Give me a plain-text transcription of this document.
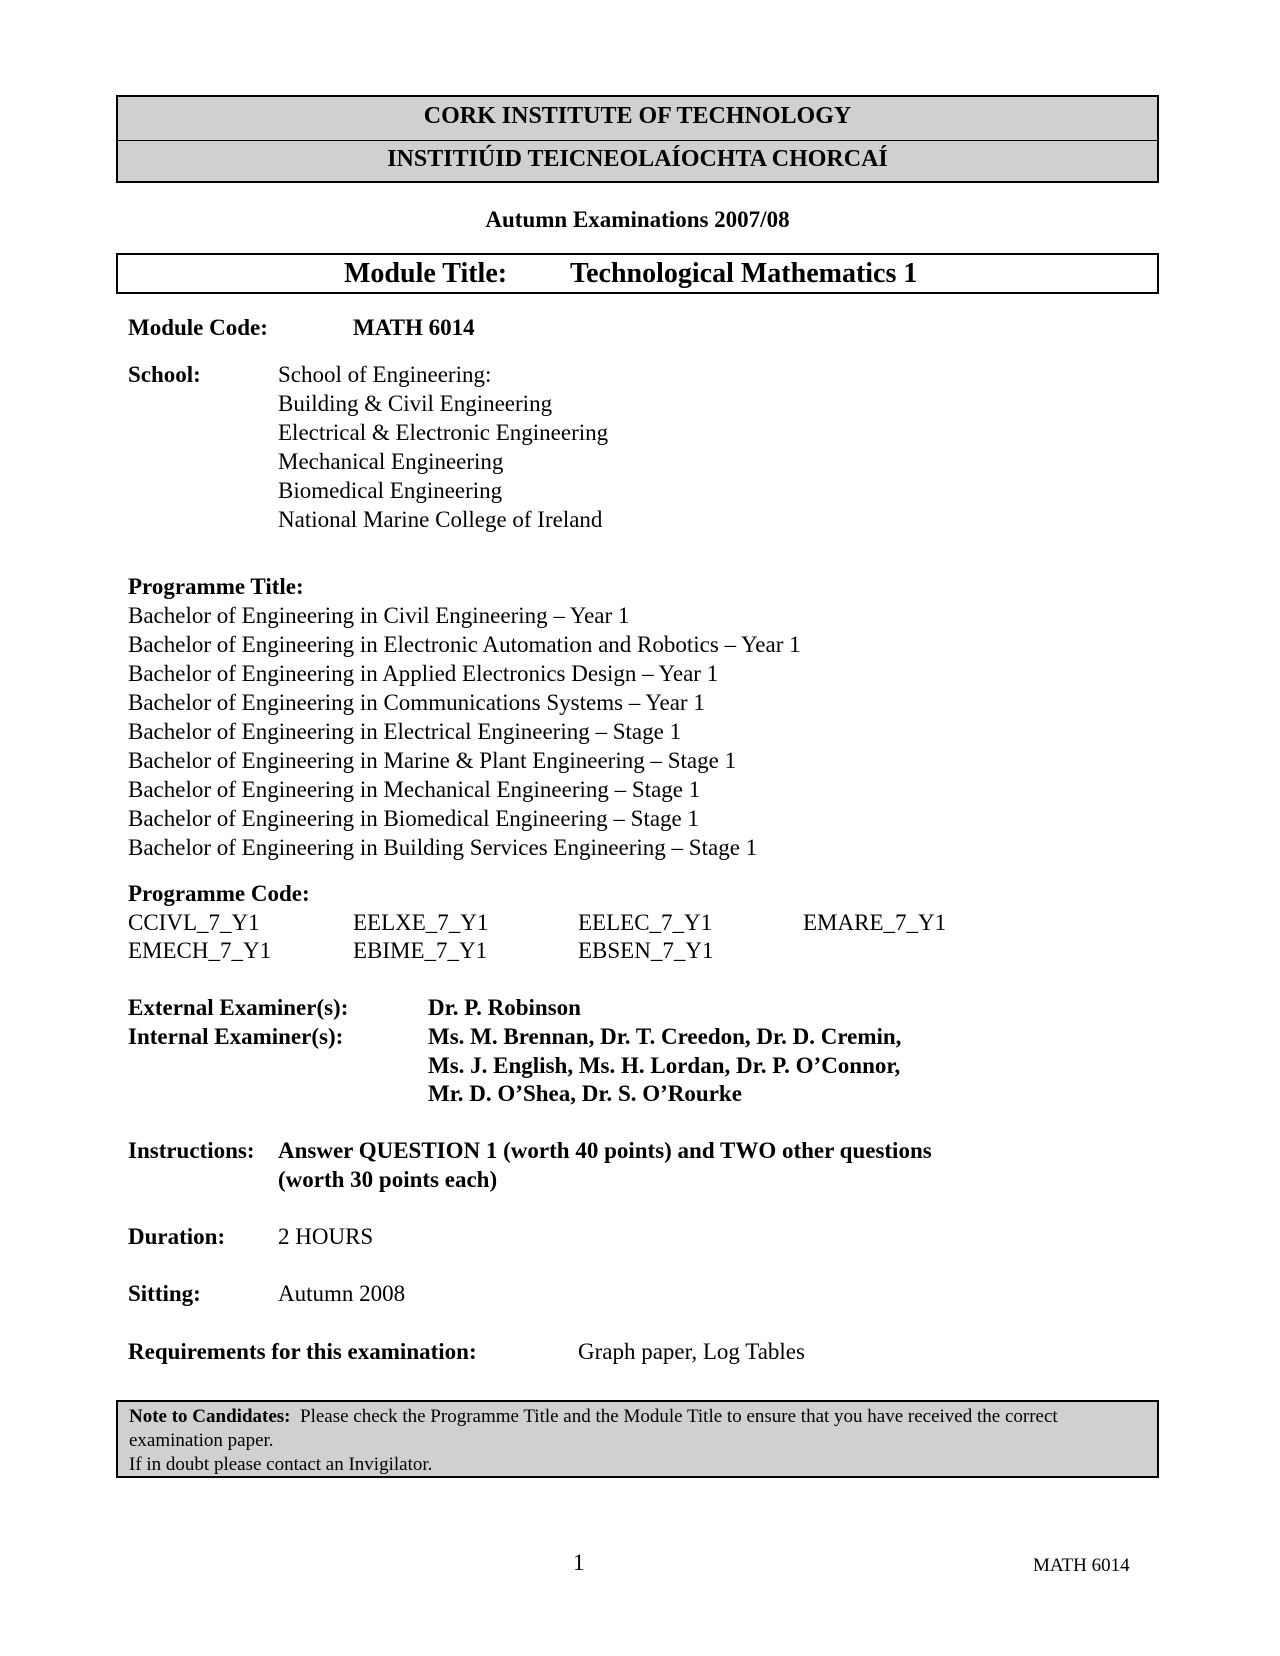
CORK INSTITUTE OF TECHNOLOGY
INSTITIÚID TEICNEOLAÍOCHTA CHORCAÍ
Autumn Examinations 2007/08
Module Title: Technological Mathematics 1
Module Code:	MATH 6014
School:	School of Engineering:
Building & Civil Engineering
Electrical & Electronic Engineering
Mechanical Engineering
Biomedical Engineering
National Marine College of Ireland
Programme Title:
Bachelor of Engineering in Civil Engineering – Year 1
Bachelor of Engineering in Electronic Automation and Robotics – Year 1
Bachelor of Engineering in Applied Electronics Design – Year 1
Bachelor of Engineering in Communications Systems – Year 1
Bachelor of Engineering in Electrical Engineering – Stage 1
Bachelor of Engineering in Marine & Plant Engineering – Stage 1
Bachelor of Engineering in Mechanical Engineering – Stage 1
Bachelor of Engineering in Biomedical Engineering – Stage 1
Bachelor of Engineering in Building Services Engineering – Stage 1
Programme Code:
CCIVL_7_Y1	EELXE_7_Y1	EELEC_7_Y1	EMARE_7_Y1
EMECH_7_Y1	EBIME_7_Y1	EBSEN_7_Y1
External Examiner(s):	Dr. P. Robinson
Internal Examiner(s):	Ms. M. Brennan, Dr. T. Creedon, Dr. D. Cremin,
Ms. J. English, Ms. H. Lordan, Dr. P. O’Connor,
Mr. D. O’Shea, Dr. S. O’Rourke
Instructions: Answer QUESTION 1 (worth 40 points) and TWO other questions
(worth 30 points each)
Duration: 2 HOURS
Sitting:	Autumn 2008
Requirements for this examination:	Graph paper, Log Tables
Note to Candidates: Please check the Programme Title and the Module Title to ensure that you have received the correct examination paper.
If in doubt please contact an Invigilator.
1	MATH 6014
